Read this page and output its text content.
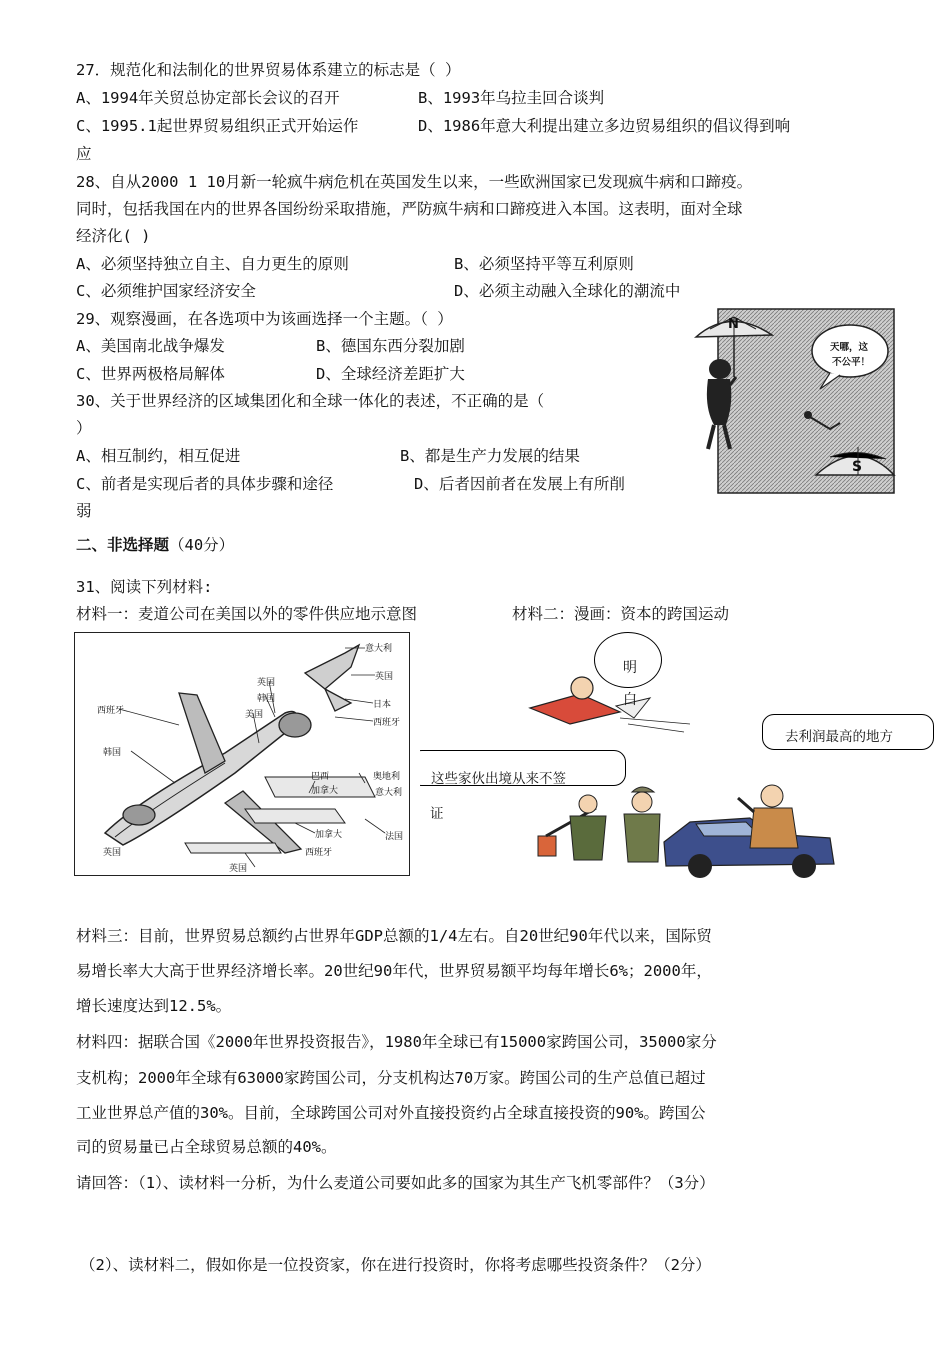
27．规范化和法制化的世界贸易体系建立的标志是（ ）
A、1994年关贸总协定部长会议的召开	B、1993年乌拉圭回合谈判
C、1995.1起世界贸易组织正式开始运作	D、1986年意大利提出建立多边贸易组织的倡议得到响
应
28、自从2000 1 10月新一轮疯牛病危机在英国发生以来，一些欧洲国家已发现疯牛病和口蹄疫。
同时，包括我国在内的世界各国纷纷采取措施，严防疯牛病和口蹄疫进入本国。这表明，面对全球
经济化( )
A、必须坚持独立自主、自力更生的原则	B、必须坚持平等互利原则
C、必须维护国家经济安全	D、必须主动融入全球化的潮流中
29、观察漫画，在各选项中为该画选择一个主题。（ ）
A、美国南北战争爆发	B、德国东西分裂加剧
C、世界两极格局解体	D、全球经济差距扩大
天哪，这
不公平！
N
S
30、关于世界经济的区域集团化和全球一体化的表述，不正确的是（
）
A、相互制约，相互促进	B、都是生产力发展的结果
C、前者是实现后者的具体步骤和途径	D、后者因前者在发展上有所削
弱
二、非选择题（40分）
31、阅读下列材料:
材料一：麦道公司在美国以外的零件供应地示意图	材料二：漫画：资本的跨国运动
意大利
英国
日本
西班牙
英国
韩国
美国
西班牙
韩国
巴西
加拿大
奥地利
意大利
法国
加拿大
西班牙
英国
英国
明
白
去利润最高的地方
这些家伙出境从来不签
证
材料三：目前，世界贸易总额约占世界年GDP总额的1/4左右。自20世纪90年代以来，国际贸
易增长率大大高于世界经济增长率。20世纪90年代，世界贸易额平均每年增长6%；2000年，
增长速度达到12.5%。
材料四：据联合国《2000年世界投资报告》，1980年全球已有15000家跨国公司，35000家分
支机构；2000年全球有63000家跨国公司，分支机构达70万家。跨国公司的生产总值已超过
工业世界总产值的30%。目前，全球跨国公司对外直接投资约占全球直接投资的90%。跨国公
司的贸易量已占全球贸易总额的40%。
请回答：（1）、读材料一分析，为什么麦道公司要如此多的国家为其生产飞机零部件？（3分）
（2）、读材料二，假如你是一位投资家，你在进行投资时，你将考虑哪些投资条件？（2分）
